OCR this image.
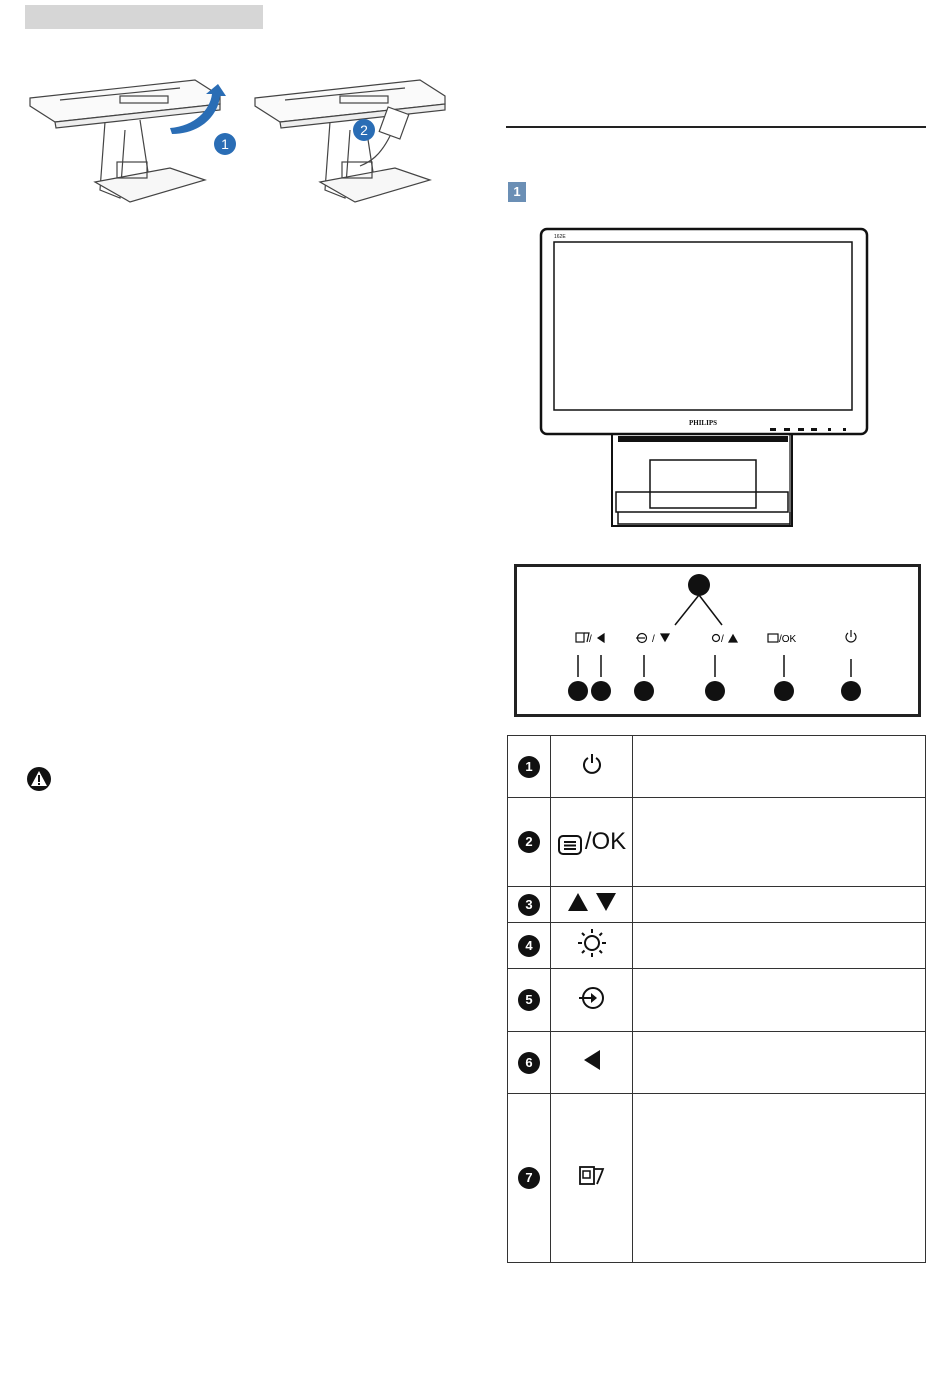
1
2
1
162E
PHILIPS
/	/	/	/OK
1		
2	/OK	
3		
4		
5		
6		
7		
